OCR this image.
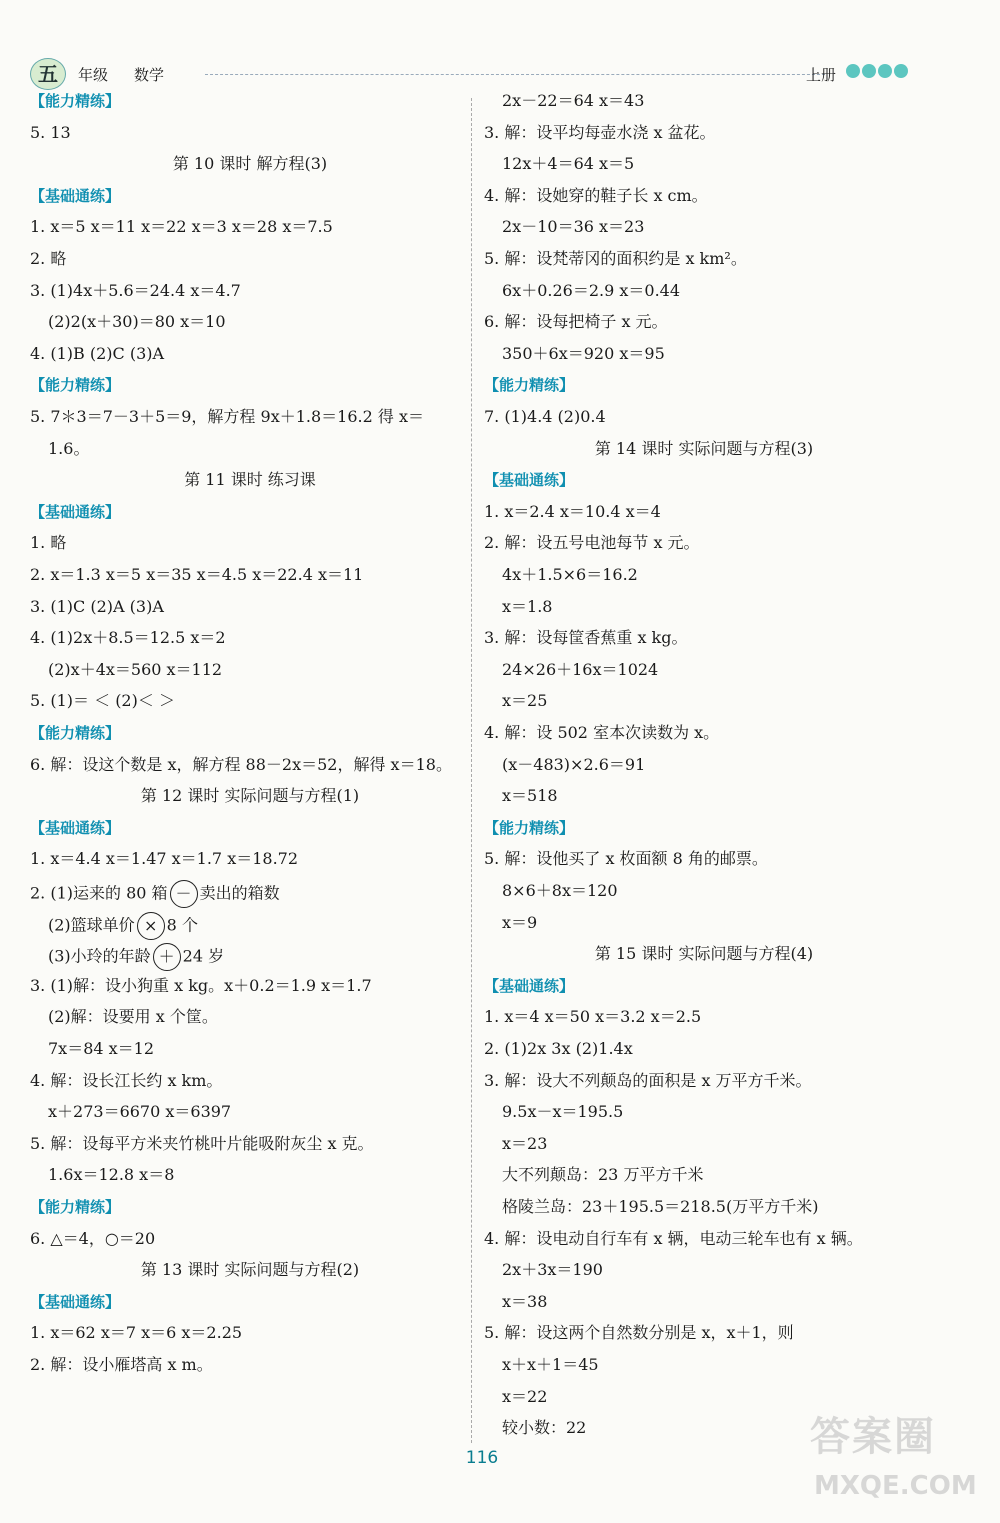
五	年级 数学	上册
【能力精练】
5. 13
第 10 课时 解方程(3)
【基础通练】
1. x＝5 x＝11 x＝22 x＝3 x＝28 x＝7.5
2. 略
3. (1)4x＋5.6＝24.4 x＝4.7
(2)2(x＋30)＝80 x＝10
4. (1)B (2)C (3)A
【能力精练】
5. 7＊3＝7－3＋5＝9，解方程 9x＋1.8＝16.2 得 x＝
1.6。
第 11 课时 练习课
【基础通练】
1. 略
2. x＝1.3 x＝5 x＝35 x＝4.5 x＝22.4 x＝11
3. (1)C (2)A (3)A
4. (1)2x＋8.5＝12.5 x＝2
(2)x＋4x＝560 x＝112
5. (1)＝ ＜ (2)＜ ＞
【能力精练】
6. 解：设这个数是 x，解方程 88－2x＝52，解得 x＝18。
第 12 课时 实际问题与方程(1)
【基础通练】
1. x＝4.4 x＝1.47 x＝1.7 x＝18.72
2. (1)运来的 80 箱 － 卖出的箱数
(2)篮球单价 × 8 个
(3)小玲的年龄 ＋ 24 岁
3. (1)解：设小狗重 x kg。x＋0.2＝1.9 x＝1.7
(2)解：设要用 x 个筐。
7x＝84 x＝12
4. 解：设长江长约 x km。
x＋273＝6670 x＝6397
5. 解：设每平方米夹竹桃叶片能吸附灰尘 x 克。
1.6x＝12.8 x＝8
【能力精练】
6. △＝4，○＝20
第 13 课时 实际问题与方程(2)
【基础通练】
1. x＝62 x＝7 x＝6 x＝2.25
2. 解：设小雁塔高 x m。
2x－22＝64 x＝43
3. 解：设平均每壶水浇 x 盆花。
12x＋4＝64 x＝5
4. 解：设她穿的鞋子长 x cm。
2x－10＝36 x＝23
5. 解：设梵蒂冈的面积约是 x km²。
6x＋0.26＝2.9 x＝0.44
6. 解：设每把椅子 x 元。
350＋6x＝920 x＝95
【能力精练】
7. (1)4.4 (2)0.4
第 14 课时 实际问题与方程(3)
【基础通练】
1. x＝2.4 x＝10.4 x＝4
2. 解：设五号电池每节 x 元。
4x＋1.5×6＝16.2
x＝1.8
3. 解：设每筐香蕉重 x kg。
24×26＋16x＝1024
x＝25
4. 解：设 502 室本次读数为 x。
(x－483)×2.6＝91
x＝518
【能力精练】
5. 解：设他买了 x 枚面额 8 角的邮票。
8×6＋8x＝120
x＝9
第 15 课时 实际问题与方程(4)
【基础通练】
1. x＝4 x＝50 x＝3.2 x＝2.5
2. (1)2x 3x (2)1.4x
3. 解：设大不列颠岛的面积是 x 万平方千米。
9.5x－x＝195.5
x＝23
大不列颠岛：23 万平方千米
格陵兰岛：23＋195.5＝218.5(万平方千米)
4. 解：设电动自行车有 x 辆，电动三轮车也有 x 辆。
2x＋3x＝190
x＝38
5. 解：设这两个自然数分别是 x，x＋1，则
x＋x＋1＝45
x＝22
较小数：22
116	答案圈
MXQE.COM
